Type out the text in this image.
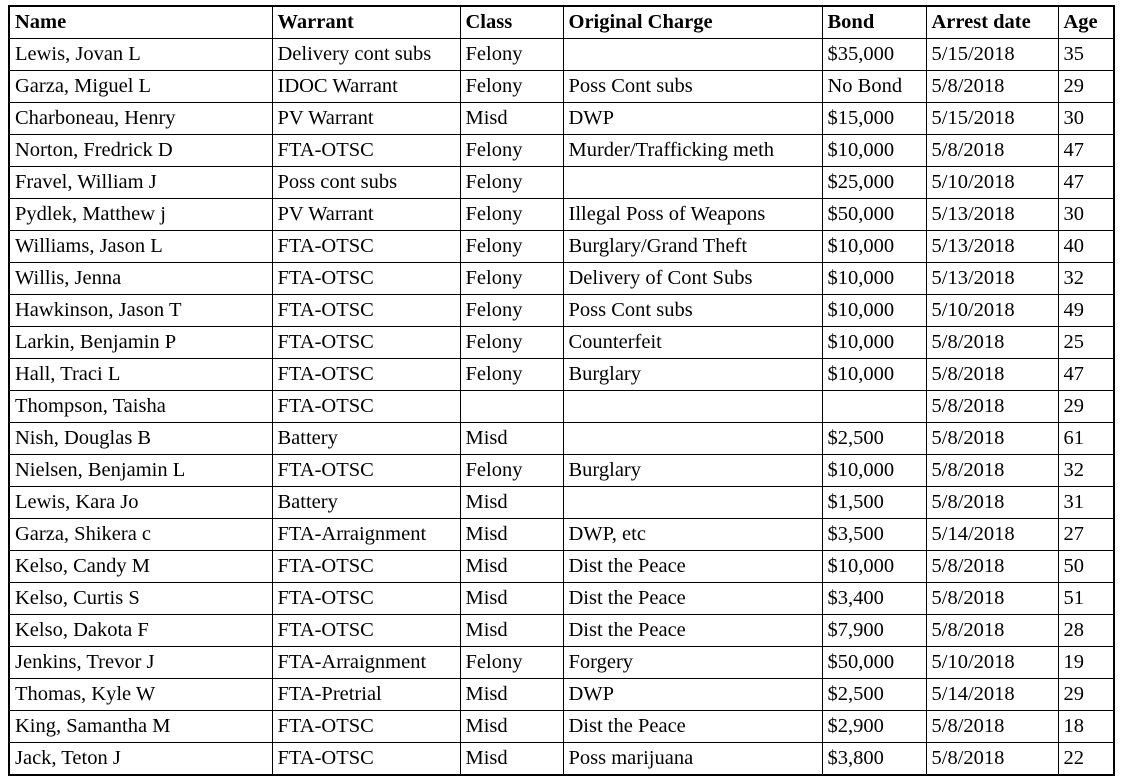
Name	Warrant	Class	Original Charge	Bond	Arrest date	Age
Lewis, Jovan L	Delivery cont subs	Felony		$35,000	5/15/2018	35
Garza, Miguel L	IDOC Warrant	Felony	Poss Cont subs	No Bond	5/8/2018	29
Charboneau, Henry	PV Warrant	Misd	DWP	$15,000	5/15/2018	30
Norton, Fredrick D	FTA-OTSC	Felony	Murder/Trafficking meth	$10,000	5/8/2018	47
Fravel, William J	Poss cont subs	Felony		$25,000	5/10/2018	47
Pydlek, Matthew j	PV Warrant	Felony	Illegal Poss of Weapons	$50,000	5/13/2018	30
Williams, Jason L	FTA-OTSC	Felony	Burglary/Grand Theft	$10,000	5/13/2018	40
Willis, Jenna	FTA-OTSC	Felony	Delivery of Cont Subs	$10,000	5/13/2018	32
Hawkinson, Jason T	FTA-OTSC	Felony	Poss Cont subs	$10,000	5/10/2018	49
Larkin, Benjamin P	FTA-OTSC	Felony	Counterfeit	$10,000	5/8/2018	25
Hall, Traci L	FTA-OTSC	Felony	Burglary	$10,000	5/8/2018	47
Thompson, Taisha	FTA-OTSC				5/8/2018	29
Nish, Douglas B	Battery	Misd		$2,500	5/8/2018	61
Nielsen, Benjamin L	FTA-OTSC	Felony	Burglary	$10,000	5/8/2018	32
Lewis, Kara Jo	Battery	Misd		$1,500	5/8/2018	31
Garza, Shikera c	FTA-Arraignment	Misd	DWP, etc	$3,500	5/14/2018	27
Kelso, Candy M	FTA-OTSC	Misd	Dist the Peace	$10,000	5/8/2018	50
Kelso, Curtis S	FTA-OTSC	Misd	Dist the Peace	$3,400	5/8/2018	51
Kelso, Dakota F	FTA-OTSC	Misd	Dist the Peace	$7,900	5/8/2018	28
Jenkins, Trevor J	FTA-Arraignment	Felony	Forgery	$50,000	5/10/2018	19
Thomas, Kyle W	FTA-Pretrial	Misd	DWP	$2,500	5/14/2018	29
King, Samantha M	FTA-OTSC	Misd	Dist the Peace	$2,900	5/8/2018	18
Jack, Teton J	FTA-OTSC	Misd	Poss marijuana	$3,800	5/8/2018	22
